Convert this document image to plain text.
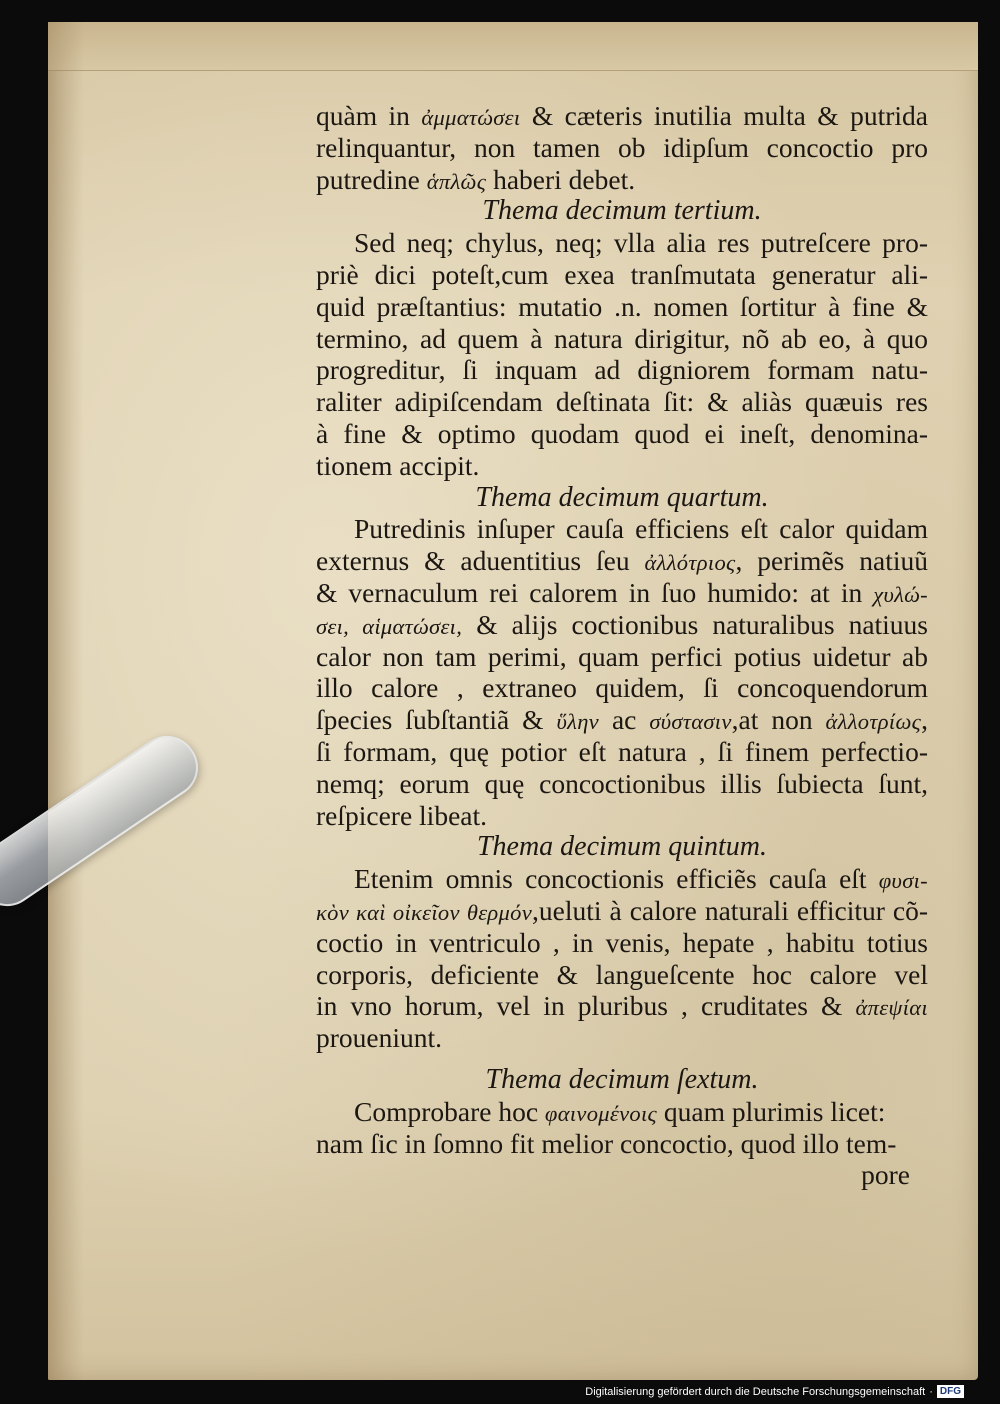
quàm in ἀμματώσει & cæteris inutilia multa & putrida
relinquantur, non tamen ob idipſum concoctio pro
putredine ἁπλῶς haberi debet.
Thema decimum tertium.
Sed neq; chylus, neq; vlla alia res putreſcere pro-
priè dici poteſt,cum exea tranſmutata generatur ali-
quid præſtantius: mutatio .n. nomen ſortitur à fine &
termino, ad quem à natura dirigitur, nõ ab eo, à quo
progreditur, ſi inquam ad digniorem formam natu-
raliter adipiſcendam deſtinata ſit: & aliàs quæuis res
à fine & optimo quodam quod ei ineſt, denomina-
tionem accipit.
Thema decimum quartum.
Putredinis inſuper cauſa efficiens eſt calor quidam
externus & aduentitius ſeu ἀλλότριος, perimẽs natiuũ
& vernaculum rei calorem in ſuo humido: at in χυλώ-
σει, αἱματώσει, & alijs coctionibus naturalibus natiuus
calor non tam perimi, quam perfici potius uidetur ab
illo calore , extraneo quidem, ſi concoquendorum
ſpecies ſubſtantiã & ὕλην ac σύστασιν,at non ἀλλοτρίως,
ſi formam, quę potior eſt natura , ſi finem perfectio-
nemq; eorum quę concoctionibus illis ſubiecta ſunt,
reſpicere libeat.
Thema decimum quintum.
Etenim omnis concoctionis efficiẽs cauſa eſt φυσι-
κὸν καὶ οἰκεῖον θερμόν,ueluti à calore naturali efficitur cõ-
coctio in ventriculo , in venis, hepate , habitu totius
corporis, deficiente & langueſcente hoc calore vel
in vno horum, vel in pluribus , cruditates & ἀπεψίαι
proueniunt.
Thema decimum ſextum.
Comprobare hoc φαινομένοις quam plurimis licet:
nam ſic in ſomno fit melior concoctio, quod illo tem-
pore
Digitalisierung gefördert durch die Deutsche Forschungsgemeinschaft · DFG
